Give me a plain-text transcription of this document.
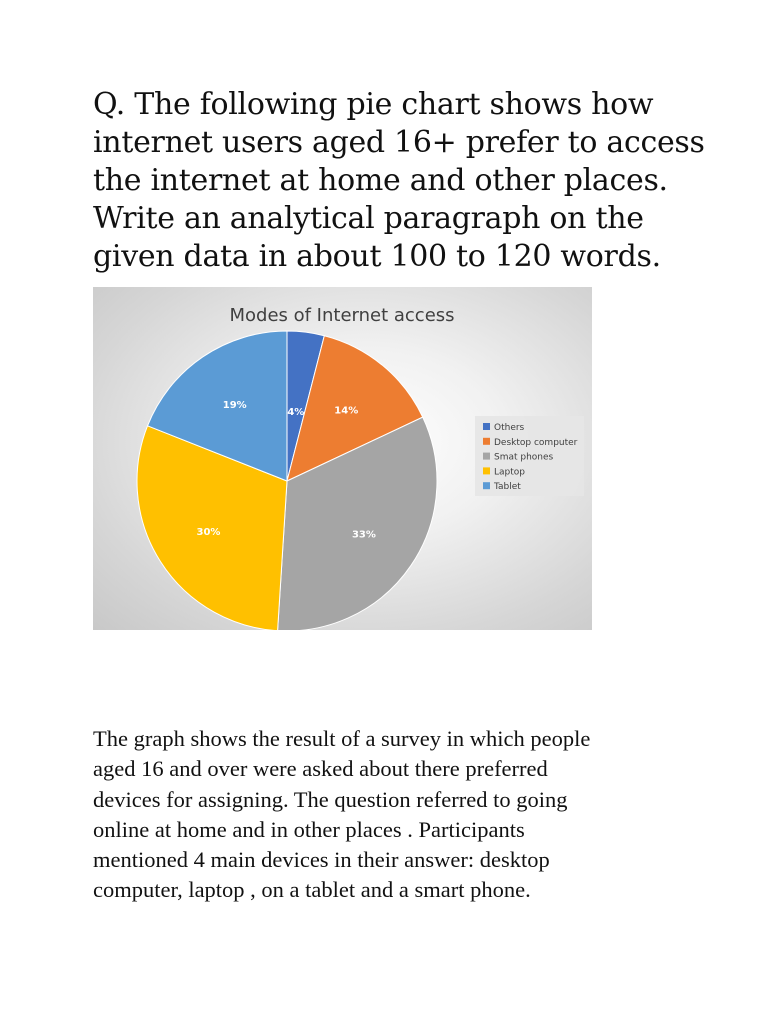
Q. The following pie chart shows how
internet users aged 16+ prefer to access
the internet at home and other places.
Write an analytical paragraph on the
given data in about 100 to 120 words.
Modes of Internet access
4%	14%
33%
30%
19%
Others
Desktop computer
Smat phones
Laptop
Tablet
The graph shows the result of a survey in which people
aged 16 and over were asked about there preferred
devices for assigning. The question referred to going
online at home and in other places . Participants
mentioned 4 main devices in their answer: desktop
computer, laptop , on a tablet and a smart phone.
